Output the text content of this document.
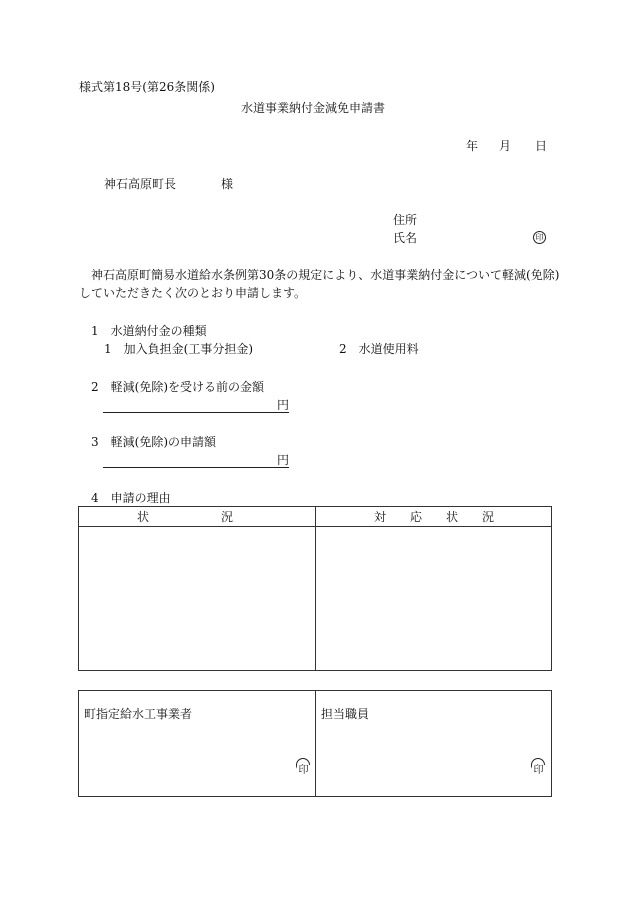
様式第18号(第26条関係)
水道事業納付金減免申請書
年 月 日
神石高原町長	様
住所
氏名	印
神石高原町簡易水道給水条例第30条の規定により、水道事業納付金について軽減(免除)
していただきたく次のとおり申請します。
1　水道納付金の種類
1　加入負担金(工事分担金)	2　水道使用料
2　軽減(免除)を受ける前の金額
円
3　軽減(免除)の申請額
円
4　申請の理由
状　　　　　　況	対　　応　　状　　況
町指定給水工事業者	担当職員
印	印
